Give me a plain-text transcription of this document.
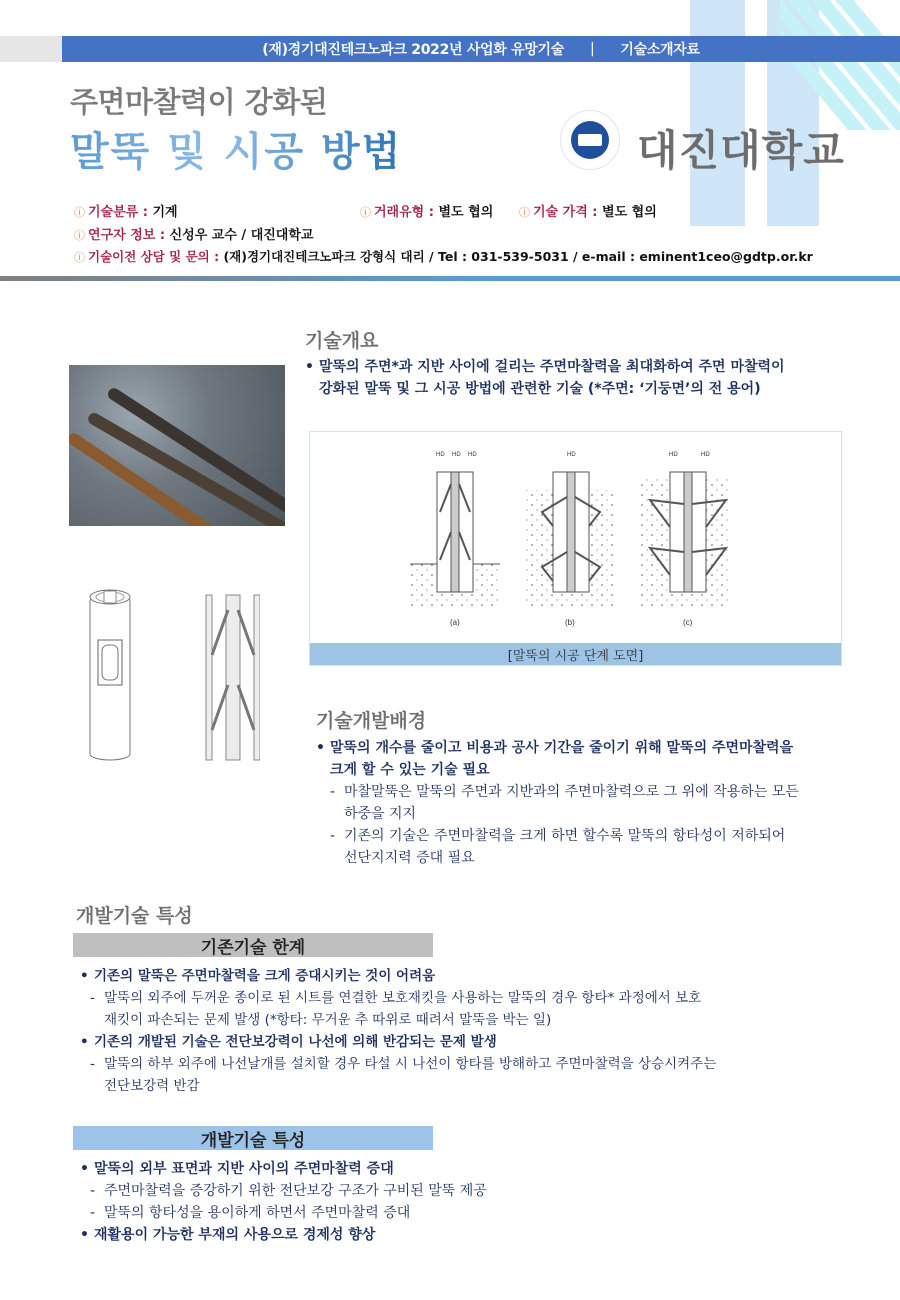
(재)경기대진테크노파크 2022년 사업화 유망기술 | 기술소개자료
주면마찰력이 강화된
말뚝 및 시공 방법	대진대학교
ⓘ 기술분류 : 기계	ⓘ 거래유형 : 별도 협의 ⓘ 기술 가격 : 별도 협의
ⓘ 연구자 정보 : 신성우 교수 / 대진대학교
ⓘ 기술이전 상담 및 문의 : (재)경기대진테크노파크 강형식 대리 / Tel : 031-539-5031 / e-mail : eminent1ceo@gdtp.or.kr
기술개요
• 말뚝의 주면*과 지반 사이에 걸리는 주면마찰력을 최대화하여 주면 마찰력이
강화된 말뚝 및 그 시공 방법에 관련한 기술 (*주면: ‘기둥면’의 전 용어)
HD HD HD	HD	HD	HD
(a)	(b)	(c)
[말뚝의 시공 단계 도면]
기술개발배경
• 말뚝의 개수를 줄이고 비용과 공사 기간을 줄이기 위해 말뚝의 주면마찰력을
크게 할 수 있는 기술 필요
- 마찰말뚝은 말뚝의 주면과 지반과의 주면마찰력으로 그 위에 작용하는 모든
하중을 지지
- 기존의 기술은 주면마찰력을 크게 하면 할수록 말뚝의 항타성이 저하되어
선단지지력 증대 필요
개발기술 특성
기존기술 한계
• 기존의 말뚝은 주면마찰력을 크게 증대시키는 것이 어려움
- 말뚝의 외주에 두꺼운 종이로 된 시트를 연결한 보호재킷을 사용하는 말뚝의 경우 항타* 과정에서 보호
재킷이 파손되는 문제 발생 (*항타: 무거운 추 따위로 때려서 말뚝을 박는 일)
• 기존의 개발된 기술은 전단보강력이 나선에 의해 반감되는 문제 발생
- 말뚝의 하부 외주에 나선날개를 설치할 경우 타설 시 나선이 항타를 방해하고 주면마찰력을 상승시켜주는
전단보강력 반감
개발기술 특성
• 말뚝의 외부 표면과 지반 사이의 주면마찰력 증대
- 주면마찰력을 증강하기 위한 전단보강 구조가 구비된 말뚝 제공
- 말뚝의 항타성을 용이하게 하면서 주면마찰력 증대
• 재활용이 가능한 부재의 사용으로 경제성 향상
